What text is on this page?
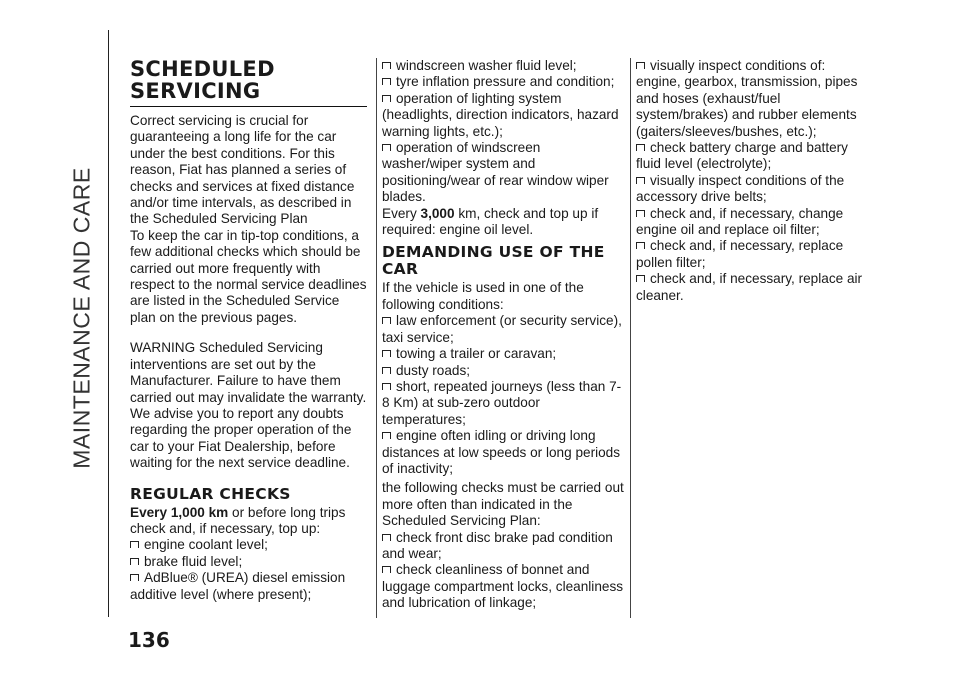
MAINTENANCE AND CARE
SCHEDULED SERVICING

Correct servicing is crucial for guaranteeing a long life for the car under the best conditions. For this reason, Fiat has planned a series of checks and services at fixed distance and/or time intervals, as described in the Scheduled Servicing Plan

To keep the car in tip-top conditions, a few additional checks which should be carried out more frequently with respect to the normal service deadlines are listed in the Scheduled Service plan on the previous pages.

WARNING Scheduled Servicing interventions are set out by the Manufacturer. Failure to have them carried out may invalidate the warranty. We advise you to report any doubts regarding the proper operation of the car to your Fiat Dealership, before waiting for the next service deadline.

REGULAR CHECKS

Every 1,000 km or before long trips check and, if necessary, top up:

engine coolant level;
brake fluid level;
AdBlue® (UREA) diesel emission additive level (where present);
windscreen washer fluid level;
tyre inflation pressure and condition;
operation of lighting system (headlights, direction indicators, hazard warning lights, etc.);
operation of windscreen washer/wiper system and positioning/wear of rear window wiper blades.

Every 3,000 km, check and top up if required: engine oil level.

DEMANDING USE OF THE CAR

If the vehicle is used in one of the following conditions:

law enforcement (or security service), taxi service;
towing a trailer or caravan;
dusty roads;
short, repeated journeys (less than 7-8 Km) at sub-zero outdoor temperatures;
engine often idling or driving long distances at low speeds or long periods of inactivity;

the following checks must be carried out more often than indicated in the Scheduled Servicing Plan:

check front disc brake pad condition and wear;
check cleanliness of bonnet and luggage compartment locks, cleanliness and lubrication of linkage;
visually inspect conditions of: engine, gearbox, transmission, pipes and hoses (exhaust/fuel system/brakes) and rubber elements (gaiters/sleeves/bushes, etc.);
check battery charge and battery fluid level (electrolyte);
visually inspect conditions of the accessory drive belts;
check and, if necessary, change engine oil and replace oil filter;
check and, if necessary, replace pollen filter;
check and, if necessary, replace air cleaner.
136
